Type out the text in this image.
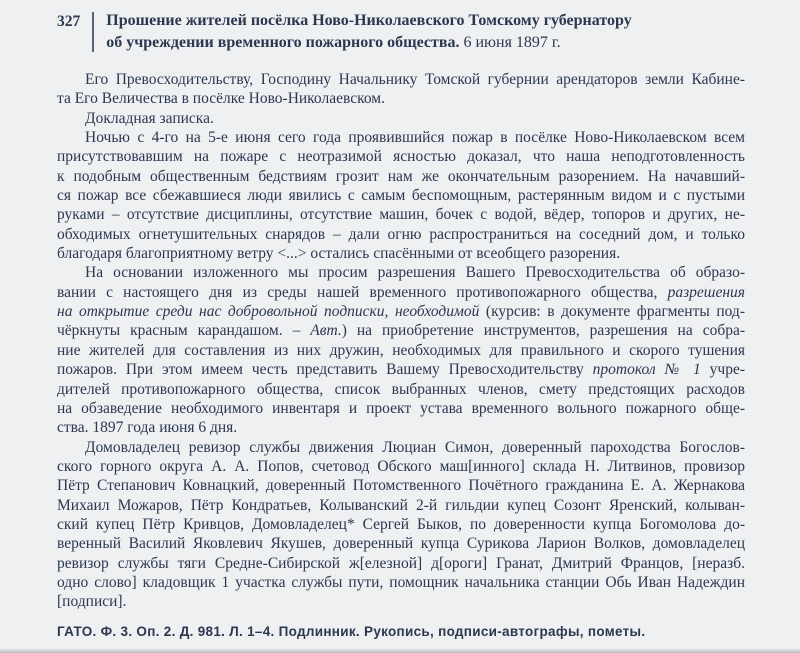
327 Прошение жителей посёлка Ново-Николаевского Томскому губернатору
об учреждении временного пожарного общества. 6 июня 1897 г.
Его Превосходительству, Господину Начальнику Томской губернии арендаторов земли Кабине-
та Его Величества в посёлке Ново-Николаевском.
Докладная записка.
Ночью с 4-го на 5-е июня сего года проявившийся пожар в посёлке Ново-Николаевском всем
присутствовавшим на пожаре с неотразимой ясностью доказал, что наша неподготовленность
к подобным общественным бедствиям грозит нам же окончательным разорением. На начавший-
ся пожар все сбежавшиеся люди явились с самым беспомощным, растерянным видом и с пустыми
руками – отсутствие дисциплины, отсутствие машин, бочек с водой, вёдер, топоров и других, не-
обходимых огнетушительных снарядов – дали огню распространиться на соседний дом, и только
благодаря благоприятному ветру <...> остались спасёнными от всеобщего разорения.
На основании изложенного мы просим разрешения Вашего Превосходительства об образо-
вании с настоящего дня из среды нашей временного противопожарного общества, разрешения
на открытие среди нас добровольной подписки, необходимой (курсив: в документе фрагменты под-
чёркнуты красным карандашом. – Авт.) на приобретение инструментов, разрешения на собра-
ние жителей для составления из них дружин, необходимых для правильного и скорого тушения
пожаров. При этом имеем честь представить Вашему Превосходительству протокол № 1 учре-
дителей противопожарного общества, список выбранных членов, смету предстоящих расходов
на обзаведение необходимого инвентаря и проект устава временного вольного пожарного обще-
ства. 1897 года июня 6 дня.
Домовладелец ревизор службы движения Люциан Симон, доверенный пароходства Богослов-
ского горного округа А. А. Попов, счетовод Обского маш[инного] склада Н. Литвинов, провизор
Пётр Степанович Ковнацкий, доверенный Потомственного Почётного гражданина Е. А. Жернакова
Михаил Можаров, Пётр Кондратьев, Колыванский 2-й гильдии купец Созонт Яренский, колыван-
ский купец Пётр Кривцов, Домовладелец* Сергей Быков, по доверенности купца Богомолова до-
веренный Василий Яковлевич Якушев, доверенный купца Сурикова Ларион Волков, домовладелец
ревизор службы тяги Средне-Сибирской ж[елезной] д[ороги] Гранат, Дмитрий Францов, [неразб.
одно слово] кладовщик 1 участка службы пути, помощник начальника станции Обь Иван Надеждин
[подписи].
ГАТО. Ф. 3. Оп. 2. Д. 981. Л. 1–4. Подлинник. Рукопись, подписи-автографы, пометы.
